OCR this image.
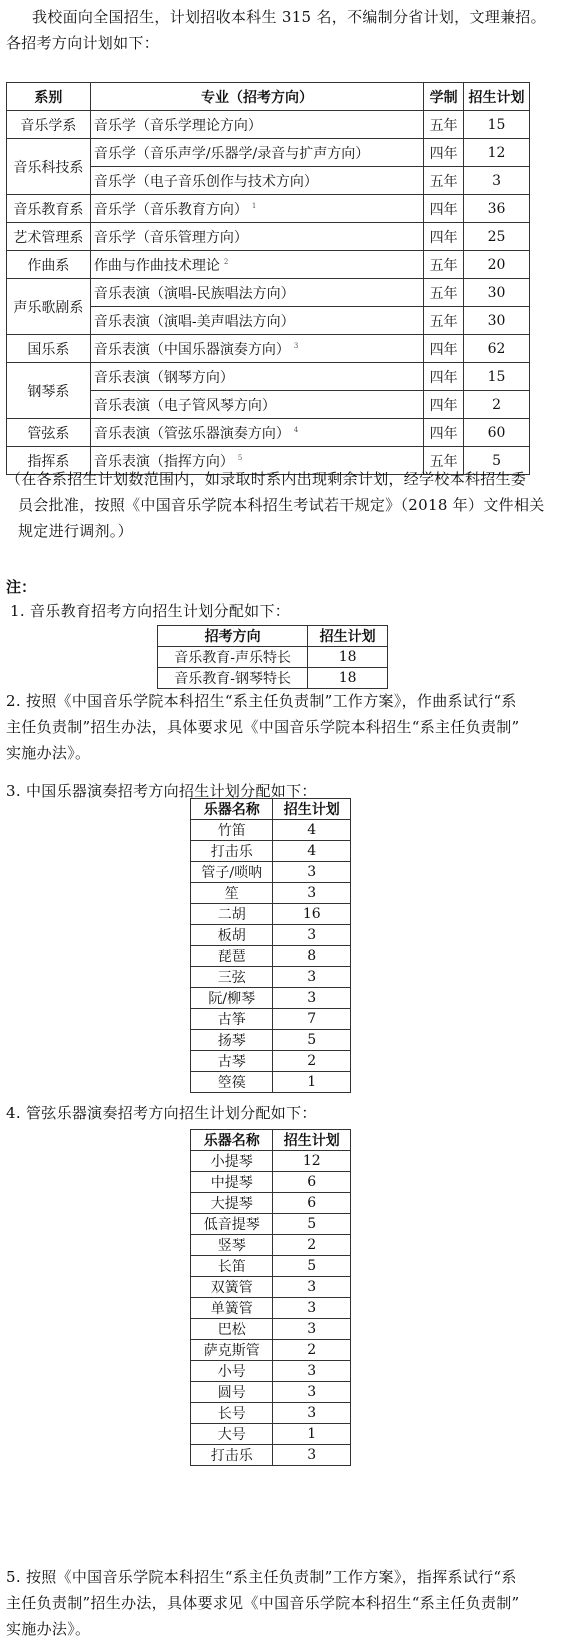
我校面向全国招生，计划招收本科生 315 名，不编制分省计划，文理兼招。
各招考方向计划如下：
系别	专业（招考方向）	学制	招生计划
音乐学系	音乐学（音乐学理论方向）	五年	15
音乐科技系	音乐学（音乐声学/乐器学/录音与扩声方向）	四年	12
	音乐学（电子音乐创作与技术方向）	五年	3
音乐教育系	音乐学（音乐教育方向） $^1$	四年	36
艺术管理系	音乐学（音乐管理方向）	四年	25
作曲系	作曲与作曲技术理论 $^2$	五年	20
声乐歌剧系	音乐表演（演唱-民族唱法方向）	五年	30
	音乐表演（演唱-美声唱法方向）	五年	30
国乐系	音乐表演（中国乐器演奏方向） $^3$	四年	62
钢琴系	音乐表演（钢琴方向）	四年	15
	音乐表演（电子管风琴方向）	四年	2
管弦系	音乐表演（管弦乐器演奏方向） $^4$	四年	60
指挥系	音乐表演（指挥方向） $^5$	五年	5
（在各系招生计划数范围内，如录取时系内出现剩余计划，经学校本科招生委
员会批准，按照《中国音乐学院本科招生考试若干规定》（2018 年）文件相关
规定进行调剂。）
注：
1. 音乐教育招考方向招生计划分配如下：
招考方向	招生计划
音乐教育-声乐特长	18
音乐教育-钢琴特长	18
2. 按照《中国音乐学院本科招生“系主任负责制”工作方案》，作曲系试行“系
主任负责制”招生办法，具体要求见《中国音乐学院本科招生“系主任负责制”
实施办法》。
3. 中国乐器演奏招考方向招生计划分配如下：
乐器名称	招生计划
竹笛	4
打击乐	4
管子/唢呐	3
笙	3
二胡	16
板胡	3
琵琶	8
三弦	3
阮/柳琴	3
古筝	7
扬琴	5
古琴	2
箜篌	1
4. 管弦乐器演奏招考方向招生计划分配如下：
乐器名称	招生计划
小提琴	12
中提琴	6
大提琴	6
低音提琴	5
竖琴	2
长笛	5
双簧管	3
单簧管	3
巴松	3
萨克斯管	2
小号	3
圆号	3
长号	3
大号	1
打击乐	3
5. 按照《中国音乐学院本科招生“系主任负责制”工作方案》，指挥系试行“系
主任负责制”招生办法，具体要求见《中国音乐学院本科招生“系主任负责制”
实施办法》。
